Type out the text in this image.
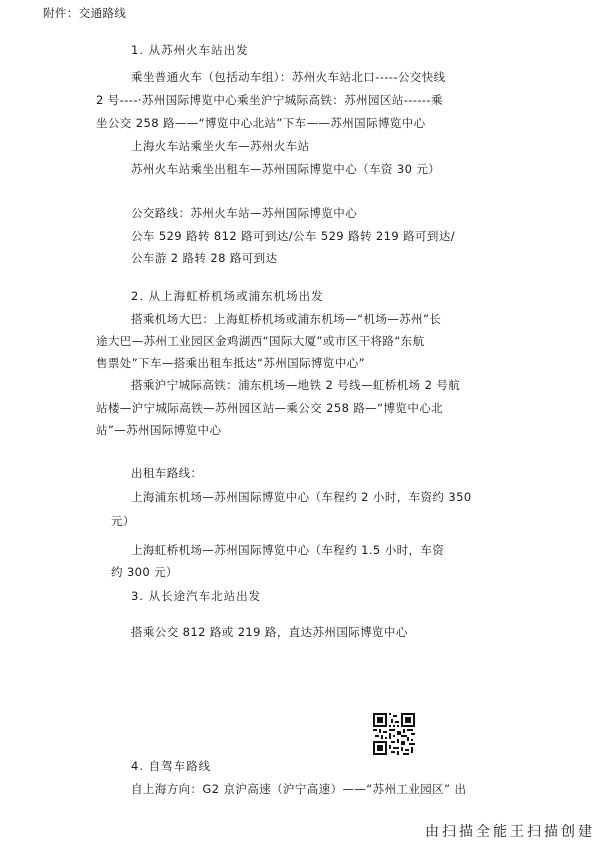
附件：交通路线
1. 从苏州火车站出发
乘坐普通火车（包括动车组）：苏州火车站北口-----公交快线
2 号----·苏州国际博览中心乘坐沪宁城际高铁：苏州园区站------乘
坐公交 258 路——“博览中心北站”下车——苏州国际博览中心
上海火车站乘坐火车—苏州火车站
苏州火车站乘坐出租车—苏州国际博览中心（车资 30 元）
公交路线：苏州火车站—苏州国际博览中心
公车 529 路转 812 路可到达/公车 529 路转 219 路可到达/
公车游 2 路转 28 路可到达
2. 从上海虹桥机场或浦东机场出发
搭乘机场大巴：上海虹桥机场或浦东机场—“机场—苏州”长
途大巴—苏州工业园区金鸡湖西“国际大厦”或市区干将路“东航
售票处”下车—搭乘出租车抵达“苏州国际博览中心”
搭乘沪宁城际高铁：浦东机场—地铁 2 号线—虹桥机场 2 号航
站楼—沪宁城际高铁—苏州园区站—乘公交 258 路—“博览中心北
站”—苏州国际博览中心
出租车路线：
上海浦东机场—苏州国际博览中心（车程约 2 小时，车资约 350
元）
上海虹桥机场—苏州国际博览中心（车程约 1.5 小时，车资
约 300 元）
3. 从长途汽车北站出发
搭乘公交 812 路或 219 路，直达苏州国际博览中心
4. 自驾车路线
自上海方向：G2 京沪高速（沪宁高速）——“苏州工业园区” 出
由扫描全能王扫描创建
